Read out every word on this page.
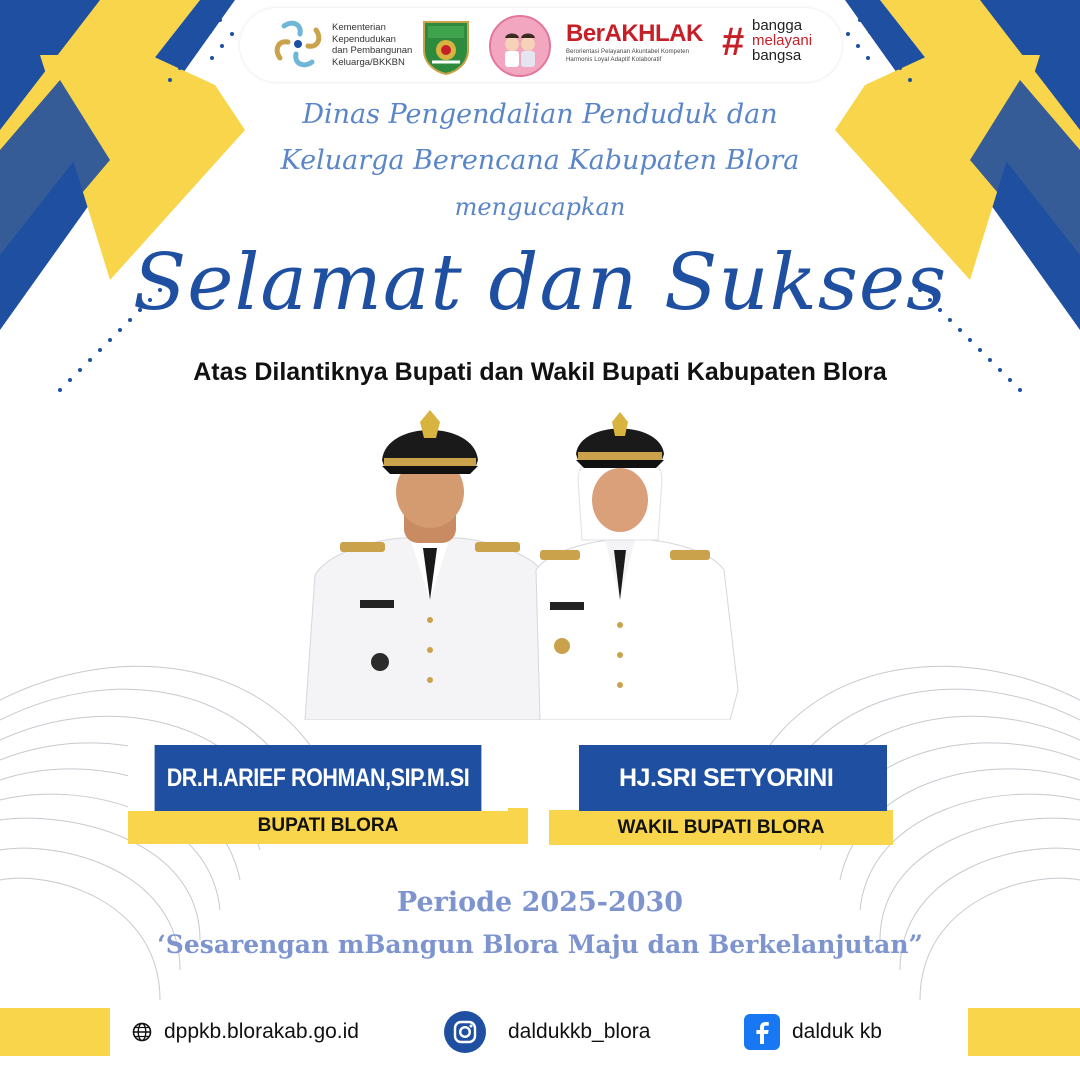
Kementerian
Kependudukan
dan Pembangunan
Keluarga/BKKBN
BerAKHLAK
Berorientasi Pelayanan Akuntabel Kompeten
Harmonis Loyal Adaptif Kolaboratif	# bangga
melayani
bangsa
Dinas Pengendalian Penduduk dan
Keluarga Berencana Kabupaten Blora
mengucapkan
Selamat dan Sukses
Atas Dilantiknya Bupati dan Wakil Bupati Kabupaten Blora
BUPATI BLORA
DR.H.ARIEF ROHMAN,SIP.M.SI
WAKIL BUPATI BLORA
HJ.SRI SETYORINI
Periode 2025-2030
‘Sesarengan mBangun Blora Maju dan Berkelanjutan”
dppkb.blorakab.go.id	daldukkb_blora	dalduk kb
